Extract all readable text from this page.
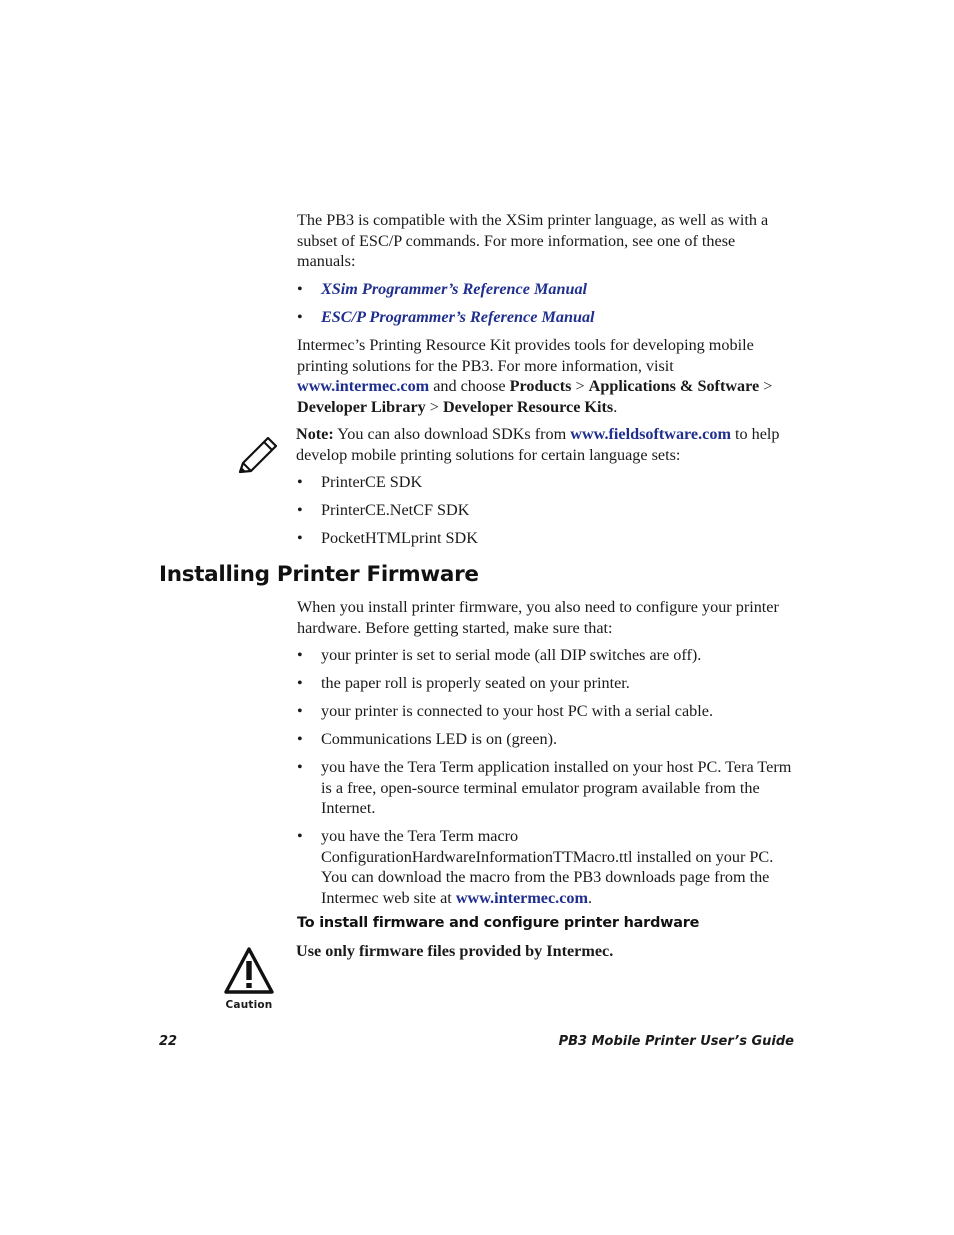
The PB3 is compatible with the XSim printer language, as well as with a subset of ESC/P commands. For more information, see one of these manuals:

• XSim Programmer’s Reference Manual
• ESC/P Programmer’s Reference Manual

Intermec’s Printing Resource Kit provides tools for developing mobile printing solutions for the PB3. For more information, visit www.intermec.com and choose Products > Applications & Software > Developer Library > Developer Resource Kits.

Note: You can also download SDKs from www.fieldsoftware.com to help develop mobile printing solutions for certain language sets:

• PrinterCE SDK
• PrinterCE.NetCF SDK
• PocketHTMLprint SDK
Installing Printer Firmware

When you install printer firmware, you also need to configure your printer hardware. Before getting started, make sure that:

• your printer is set to serial mode (all DIP switches are off).
• the paper roll is properly seated on your printer.
• your printer is connected to your host PC with a serial cable.
• Communications LED is on (green).
• you have the Tera Term application installed on your host PC. Tera Term is a free, open-source terminal emulator program available from the Internet.
• you have the Tera Term macro ConfigurationHardwareInformationTTMacro.ttl installed on your PC. You can download the macro from the PB3 downloads page from the Intermec web site at www.intermec.com.

To install firmware and configure printer hardware

Caution

Use only firmware files provided by Intermec.

22	PB3 Mobile Printer User’s Guide
